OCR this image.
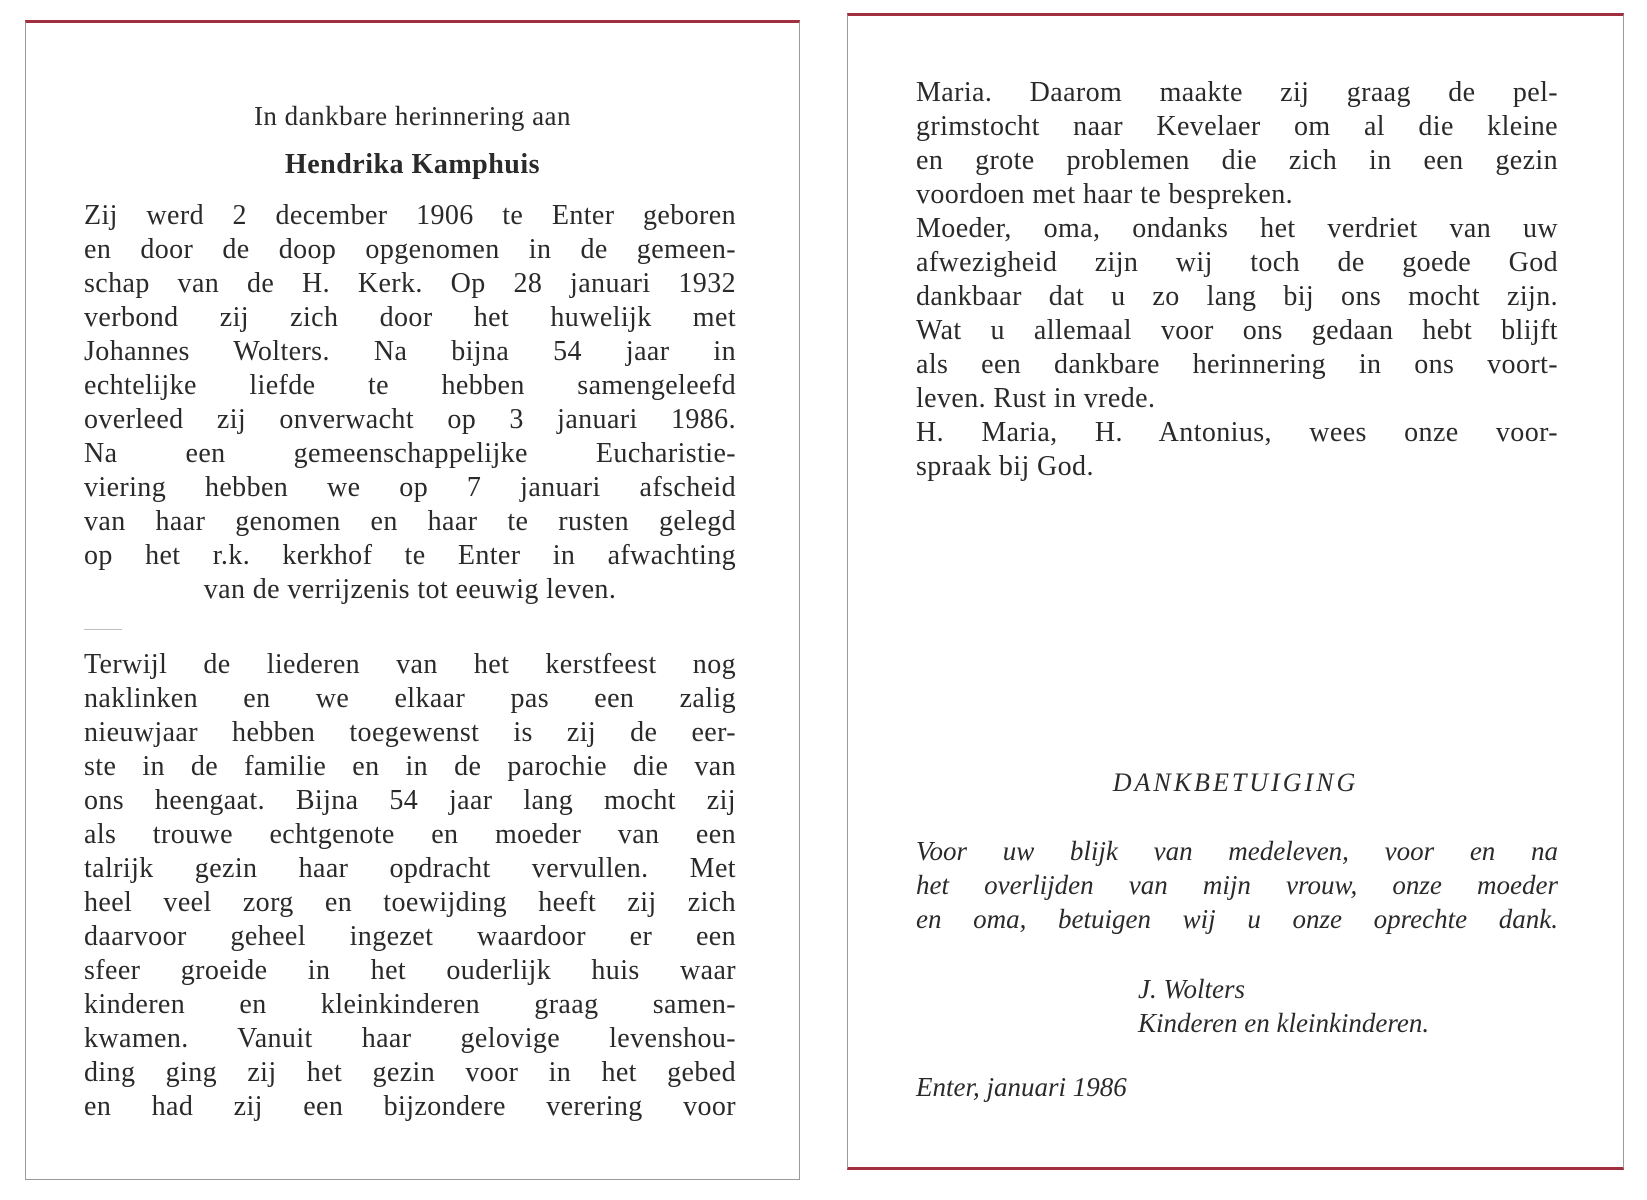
In dankbare herinnering aan
Hendrika Kamphuis
Zij werd 2 december 1906 te Enter geboren
en door de doop opgenomen in de gemeen-
schap van de H. Kerk. Op 28 januari 1932
verbond zij zich door het huwelijk met
Johannes Wolters. Na bijna 54 jaar in
echtelijke liefde te hebben samengeleefd
overleed zij onverwacht op 3 januari 1986.
Na een gemeenschappelijke Eucharistie-
viering hebben we op 7 januari afscheid
van haar genomen en haar te rusten gelegd
op het r.k. kerkhof te Enter in afwachting
van de verrijzenis tot eeuwig leven.
Terwijl de liederen van het kerstfeest nog
naklinken en we elkaar pas een zalig
nieuwjaar hebben toegewenst is zij de eer-
ste in de familie en in de parochie die van
ons heengaat. Bijna 54 jaar lang mocht zij
als trouwe echtgenote en moeder van een
talrijk gezin haar opdracht vervullen. Met
heel veel zorg en toewijding heeft zij zich
daarvoor geheel ingezet waardoor er een
sfeer groeide in het ouderlijk huis waar
kinderen en kleinkinderen graag samen-
kwamen. Vanuit haar gelovige levenshou-
ding ging zij het gezin voor in het gebed
en had zij een bijzondere verering voor
Maria. Daarom maakte zij graag de pel-
grimstocht naar Kevelaer om al die kleine
en grote problemen die zich in een gezin
voordoen met haar te bespreken.
Moeder, oma, ondanks het verdriet van uw
afwezigheid zijn wij toch de goede God
dankbaar dat u zo lang bij ons mocht zijn.
Wat u allemaal voor ons gedaan hebt blijft
als een dankbare herinnering in ons voort-
leven. Rust in vrede.
H. Maria, H. Antonius, wees onze voor-
spraak bij God.
DANKBETUIGING
Voor uw blijk van medeleven, voor en na
het overlijden van mijn vrouw, onze moeder
en oma, betuigen wij u onze oprechte dank.
J. Wolters
Kinderen en kleinkinderen.
Enter, januari 1986
